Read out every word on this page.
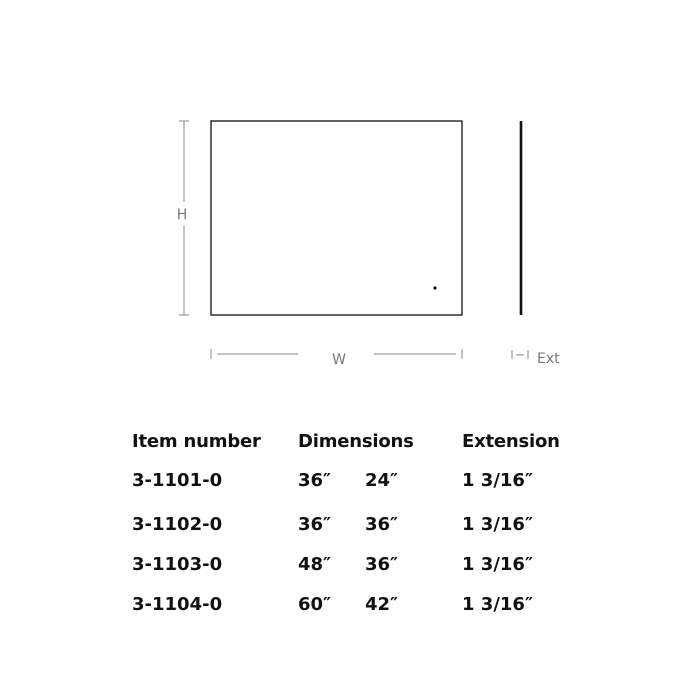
H
W	Ext
Item number	Dimensions		Extension
3-1101-0	36″	24″	1 3/16″
3-1102-0	36″	36″	1 3/16″
3-1103-0	48″	36″	1 3/16″
3-1104-0	60″	42″	1 3/16″
